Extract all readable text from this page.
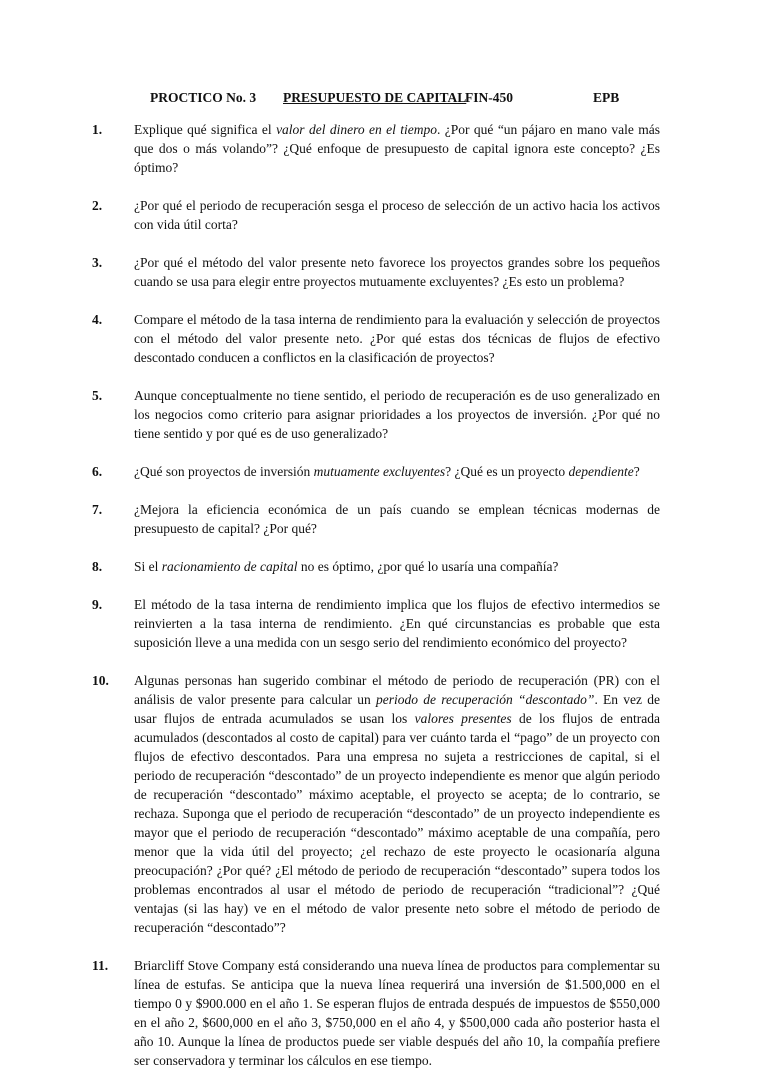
PROCTICO No. 3 PRESUPUESTO DE CAPITAL
FIN-450	EPB
1.	Explique qué significa el valor del dinero en el tiempo. ¿Por qué “un pájaro en mano vale más que dos o más volando”? ¿Qué enfoque de presupuesto de capital ignora este concepto? ¿Es óptimo?
2.	¿Por qué el periodo de recuperación sesga el proceso de selección de un activo hacia los activos con vida útil corta?
3.	¿Por qué el método del valor presente neto favorece los proyectos grandes sobre los pequeños cuando se usa para elegir entre proyectos mutuamente excluyentes? ¿Es esto un problema?
4.	Compare el método de la tasa interna de rendimiento para la evaluación y selección de proyectos con el método del valor presente neto. ¿Por qué estas dos técnicas de flujos de efectivo descontado conducen a conflictos en la clasificación de proyectos?
5.	Aunque conceptualmente no tiene sentido, el periodo de recuperación es de uso generalizado en los negocios como criterio para asignar prioridades a los proyectos de inversión. ¿Por qué no tiene sentido y por qué es de uso generalizado?
6.	¿Qué son proyectos de inversión mutuamente excluyentes? ¿Qué es un proyecto dependiente?
7.	¿Mejora la eficiencia económica de un país cuando se emplean técnicas modernas de presupuesto de capital? ¿Por qué?
8.	Si el racionamiento de capital no es óptimo, ¿por qué lo usaría una compañía?
9.	El método de la tasa interna de rendimiento implica que los flujos de efectivo intermedios se reinvierten a la tasa interna de rendimiento. ¿En qué circunstancias es probable que esta suposición lleve a una medida con un sesgo serio del rendimiento económico del proyecto?
10.	Algunas personas han sugerido combinar el método de periodo de recuperación (PR) con el análisis de valor presente para calcular un periodo de recuperación “descontado”. En vez de usar flujos de entrada acumulados se usan los valores presentes de los flujos de entrada acumulados (descontados al costo de capital) para ver cuánto tarda el “pago” de un proyecto con flujos de efectivo descontados. Para una empresa no sujeta a restricciones de capital, si el periodo de recuperación “descontado” de un proyecto independiente es menor que algún periodo de recuperación “descontado” máximo aceptable, el proyecto se acepta; de lo contrario, se rechaza. Suponga que el periodo de recuperación “descontado” de un proyecto independiente es mayor que el periodo de recuperación “descontado” máximo aceptable de una compañía, pero menor que la vida útil del proyecto; ¿el rechazo de este proyecto le ocasionaría alguna preocupación? ¿Por qué? ¿El método de periodo de recuperación “descontado” supera todos los problemas encontrados al usar el método de periodo de recuperación “tradicional”? ¿Qué ventajas (si las hay) ve en el método de valor presente neto sobre el método de periodo de recuperación “descontado”?
11.	Briarcliff Stove Company está considerando una nueva línea de productos para complementar su línea de estufas. Se anticipa que la nueva línea requerirá una inversión de $1.500,000 en el tiempo 0 y $900.000 en el año 1. Se esperan flujos de entrada después de impuestos de $550,000 en el año 2, $600,000 en el año 3, $750,000 en el año 4, y $500,000 cada año posterior hasta el año 10. Aunque la línea de productos puede ser viable después del año 10, la compañía prefiere ser conservadora y terminar los cálculos en ese tiempo.
